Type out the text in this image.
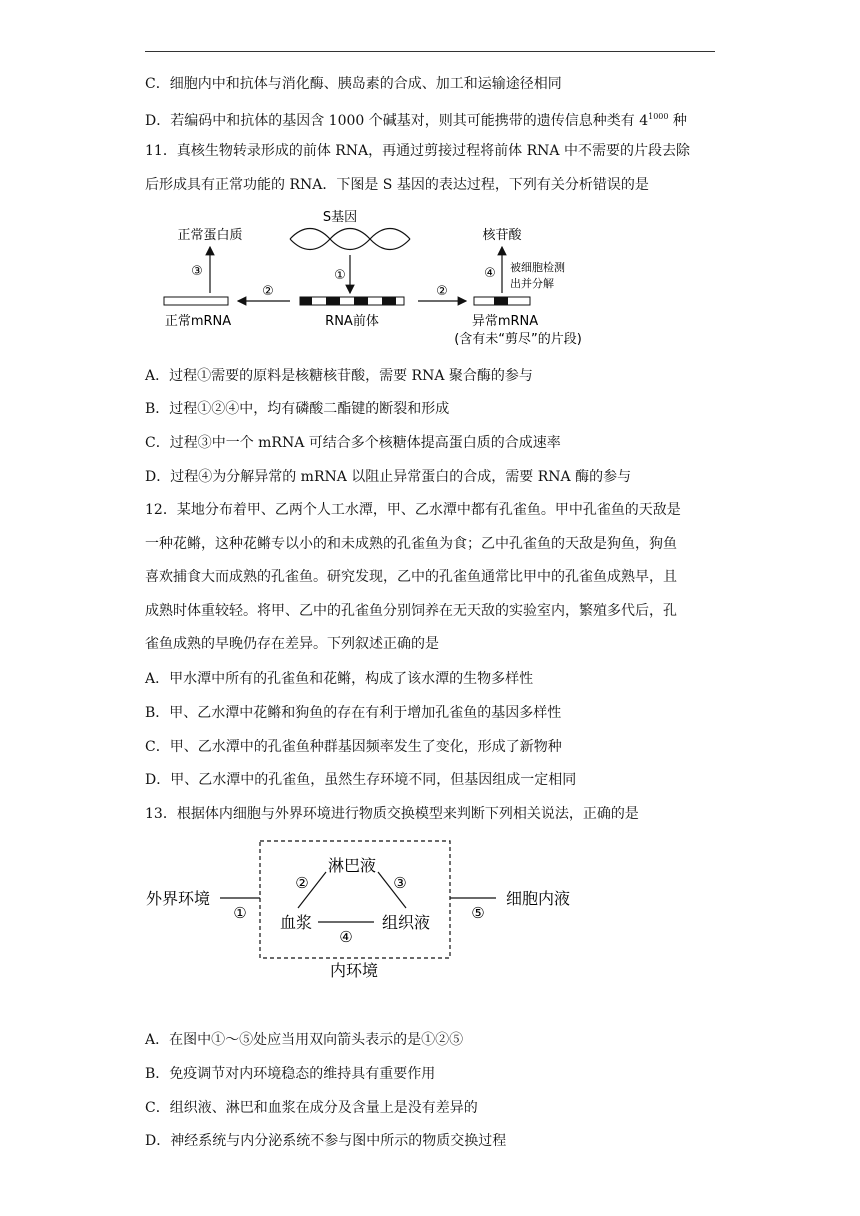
C．细胞内中和抗体与消化酶、胰岛素的合成、加工和运输途径相同
D．若编码中和抗体的基因含 1000 个碱基对，则其可能携带的遗传信息种类有 $4^{1000}$ 种
11．真核生物转录形成的前体 RNA，再通过剪接过程将前体 RNA 中不需要的片段去除
后形成具有正常功能的 RNA．下图是 S 基因的表达过程，下列有关分析错误的是
S基因
①
RNA前体
②
正常mRNA
③
正常蛋白质
②
异常mRNA
(含有未“剪尽”的片段)
④
核苷酸
被细胞检测
出并分解
A．过程①需要的原料是核糖核苷酸，需要 RNA 聚合酶的参与
B．过程①②④中，均有磷酸二酯键的断裂和形成
C．过程③中一个 mRNA 可结合多个核糖体提高蛋白质的合成速率
D．过程④为分解异常的 mRNA 以阻止异常蛋白的合成，需要 RNA 酶的参与
12．某地分布着甲、乙两个人工水潭，甲、乙水潭中都有孔雀鱼。甲中孔雀鱼的天敌是
一种花鳉，这种花鳉专以小的和未成熟的孔雀鱼为食；乙中孔雀鱼的天敌是狗鱼，狗鱼
喜欢捕食大而成熟的孔雀鱼。研究发现，乙中的孔雀鱼通常比甲中的孔雀鱼成熟早，且
成熟时体重较轻。将甲、乙中的孔雀鱼分别饲养在无天敌的实验室内，繁殖多代后，孔
雀鱼成熟的早晚仍存在差异。下列叙述正确的是
A．甲水潭中所有的孔雀鱼和花鳉，构成了该水潭的生物多样性
B．甲、乙水潭中花鳉和狗鱼的存在有利于增加孔雀鱼的基因多样性
C．甲、乙水潭中的孔雀鱼种群基因频率发生了变化，形成了新物种
D．甲、乙水潭中的孔雀鱼，虽然生存环境不同，但基因组成一定相同
13．根据体内细胞与外界环境进行物质交换模型来判断下列相关说法，正确的是
外界环境
①
淋巴液
血浆	组织液
②	③
④
⑤
细胞内液
内环境
A．在图中①～⑤处应当用双向箭头表示的是①②⑤
B．免疫调节对内环境稳态的维持具有重要作用
C．组织液、淋巴和血浆在成分及含量上是没有差异的
D．神经系统与内分泌系统不参与图中所示的物质交换过程
